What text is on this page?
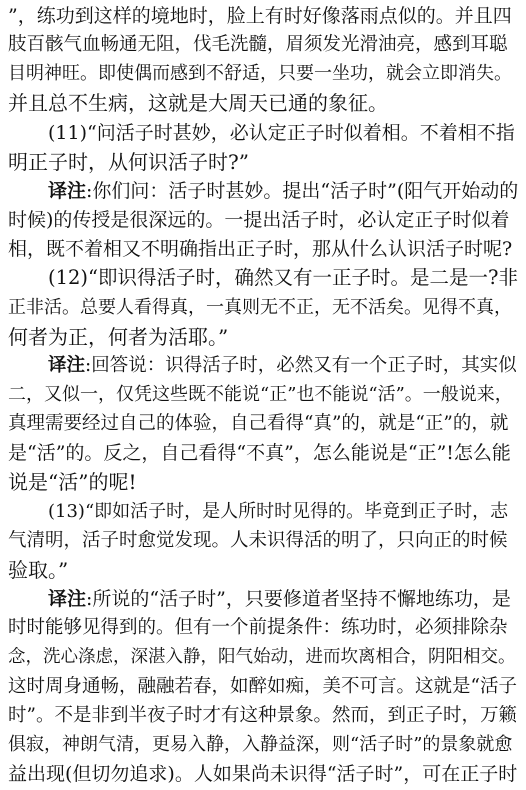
”，练功到这样的境地时，脸上有时好像落雨点似的。并且四
肢百骸气血畅通无阻，伐毛洗髓，眉须发光滑油亮，感到耳聪
目明神旺。即使偶而感到不舒适，只要一坐功，就会立即消失。
并且总不生病，这就是大周天已通的象征。
(11)“问活子时甚妙，必认定正子时似着相。不着相不指
明正子时，从何识活子时?”
译注:你们问：活子时甚妙。提出“活子时”(阳气开始动的
时候)的传授是很深远的。一提出活子时，必认定正子时似着
相，既不着相又不明确指出正子时，那从什么认识活子时呢?
(12)“即识得活子时，确然又有一正子时。是二是一?非
正非活。总要人看得真，一真则无不正，无不活矣。见得不真，
何者为正，何者为活耶。”
译注:回答说：识得活子时，必然又有一个正子时，其实似
二，又似一，仅凭这些既不能说“正”也不能说“活”。一般说来，
真理需要经过自己的体验，自己看得“真”的，就是“正”的，就
是“活”的。反之，自己看得“不真”，怎么能说是“正”!怎么能
说是“活”的呢!
(13)“即如活子时，是人所时时见得的。毕竟到正子时，志
气清明，活子时愈觉发现。人未识得活的明了，只向正的时候
验取。”
译注:所说的“活子时”，只要修道者坚持不懈地练功，是
时时能够见得到的。但有一个前提条件：练功时，必须排除杂
念，洗心涤虑，深湛入静，阳气始动，进而坎离相合，阴阳相交。
这时周身通畅，融融若春，如醉如痴，美不可言。这就是“活子
时”。不是非到半夜子时才有这种景象。然而，到正子时，万籁
俱寂，神朗气清，更易入静，入静益深，则“活子时”的景象就愈
益出现(但切勿追求)。人如果尚未识得“活子时”，可在正子时
